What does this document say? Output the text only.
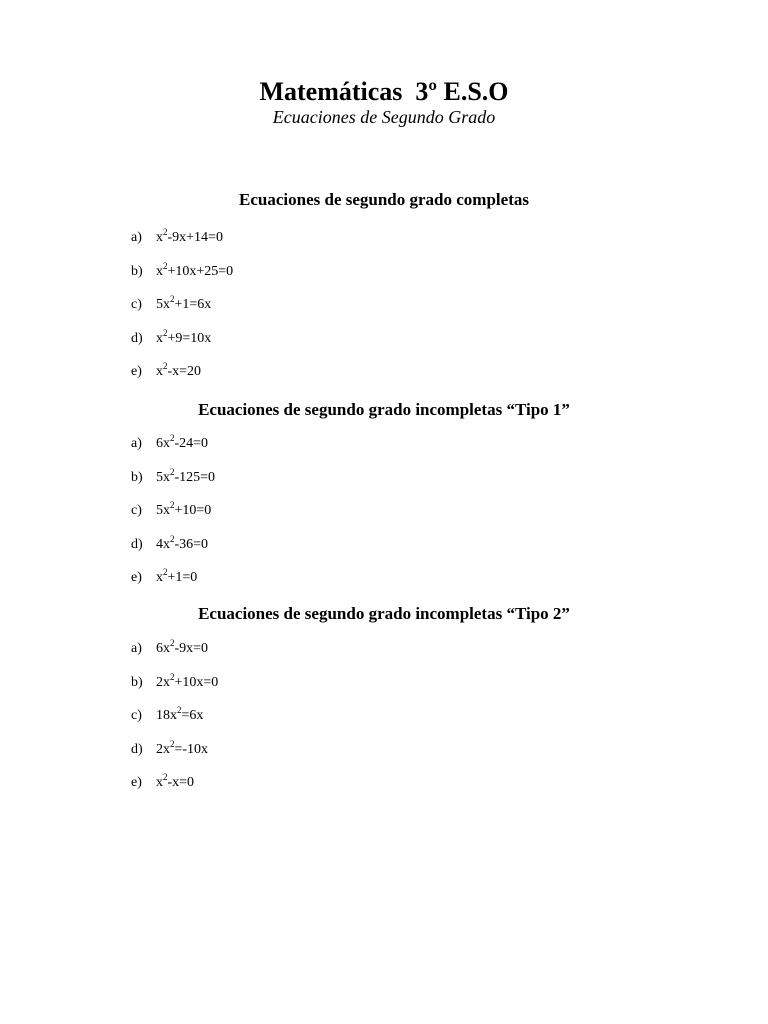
Matemáticas  3º E.S.O
Ecuaciones de Segundo Grado
Ecuaciones de segundo grado completas
a) $x^2-9x+14=0$
b) $x^2+10x+25=0$
c) $5x^2+1=6x$
d) $x^2+9=10x$
e) $x^2-x=20$
Ecuaciones de segundo grado incompletas “Tipo 1”
a) $6x^2-24=0$
b) $5x^2-125=0$
c) $5x^2+10=0$
d) $4x^2-36=0$
e) $x^2+1=0$
Ecuaciones de segundo grado incompletas “Tipo 2”
a) $6x^2-9x=0$
b) $2x^2+10x=0$
c) $18x^2=6x$
d) $2x^2=-10x$
e) $x^2-x=0$
